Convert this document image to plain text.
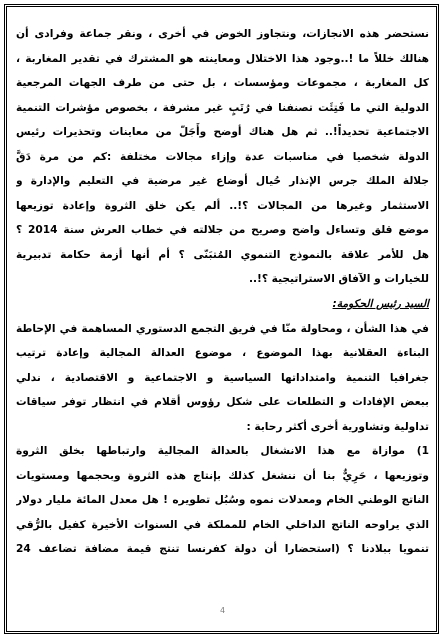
نستحضر هذه الانجازات، ونتجاوز الخوض في أخرى ، ونقر جماعة وفرادى أن
هنالك خللاً ما !..وجود هذا الاختلال ومعاينته هو المشترك في تقدير المغاربة ،
كل المغاربة ، مجموعات ومؤسسات ، بل حتى من طرف الجهات المرجعية
الدولية التي ما فَتِئَت تصنفنا في رُتَبٍ غير مشرفة ، بخصوص مؤشرات التنمية
الاجتماعية تحديداً!.. ثم هل هناك أوضح وأَجَلّ من معاينات وتحذيرات رئيس
الدولة شخصيا في مناسبات عدة وإزاء مجالات مختلفة :كم من مرة دَقَّ
جلالة الملك جرس الإنذار حُيال أوضاع غير مرضية في التعليم والإدارة و
الاستثمار وغيرها من المجالات ؟!.. ألم يكن خلق الثروة وإعادة توزيعها
موضع قلق وتساءل واضح وصريح من جلالته في خطاب العرش سنة 2014 ؟
هل للأمر علاقة بالنموذج التنموي المُتبَنّى ؟ أم أنها أزمة حكامة تدبيرية
للخيارات و الآفاق الاستراتيجية ؟!..
السيد رئيس الحكومة:
في هذا الشأن ، ومحاولة منّا في فريق التجمع الدستوري المساهمة في الإحاطة
البناءة العقلانية بهذا الموضوع ، موضوع العدالة المجالية وإعادة ترتيب
جغرافيا التنمية وامتداداتها السياسية و الاجتماعية و الاقتصادية ، ندلي
ببعض الإفادات و التطلعات على شكل رؤوس أقلام في انتظار توفر سياقات
تداولية وتشاورية أخرى أكثر رحابة :
1) موازاة مع هذا الانشغال بالعدالة المجالية وارتباطها بخلق الثروة
وتوزيعها ، حَرِيٌّ بنا أن ننشغل كذلك بإنتاج هذه الثروة وبحجمها ومستويات
الناتج الوطني الخام ومعدلات نموه وسُبُل تطويره ! هل معدل المائة مليار دولار
الذي يراوحه الناتج الداخلي الخام للمملكة في السنوات الأخيرة كفيل بالرُّقي
تنمويا ببلادنا ؟ (استحضارا أن دولة كفرنسا تنتج قيمة مضافة تضاعف 24
4
